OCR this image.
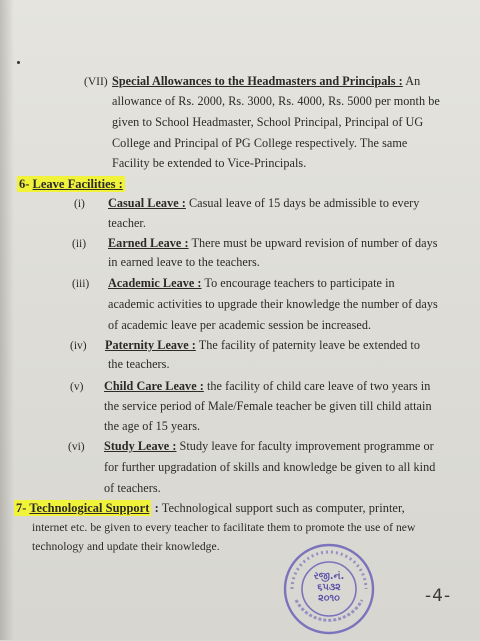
(VII) Special Allowances to the Headmasters and Principals : An
allowance of Rs. 2000, Rs. 3000, Rs. 4000, Rs. 5000 per month be
given to School Headmaster, School Principal, Principal of UG
College and Principal of PG College respectively. The same
Facility be extended to Vice-Principals.
6- Leave Facilities :
(i) Casual Leave : Casual leave of 15 days be admissible to every
teacher.
(ii) Earned Leave : There must be upward revision of number of days
in earned leave to the teachers.
(iii) Academic Leave : To encourage teachers to participate in
academic activities to upgrade their knowledge the number of days
of academic leave per academic session be increased.
(iv) Paternity Leave : The facility of paternity leave be extended to
the teachers.
(v) Child Care Leave : the facility of child care leave of two years in
the service period of Male/Female teacher be given till child attain
the age of 15 years.
(vi) Study Leave : Study leave for faculty improvement programme or
for further upgradation of skills and knowledge be given to all kind
of teachers.
7- Technological Support : Technological support such as computer, printer,
internet etc. be given to every teacher to facilitate them to promote the use of new
technology and update their knowledge.
રજી.નં.
૬૫૩૨
૨૦૧૦	-4-
